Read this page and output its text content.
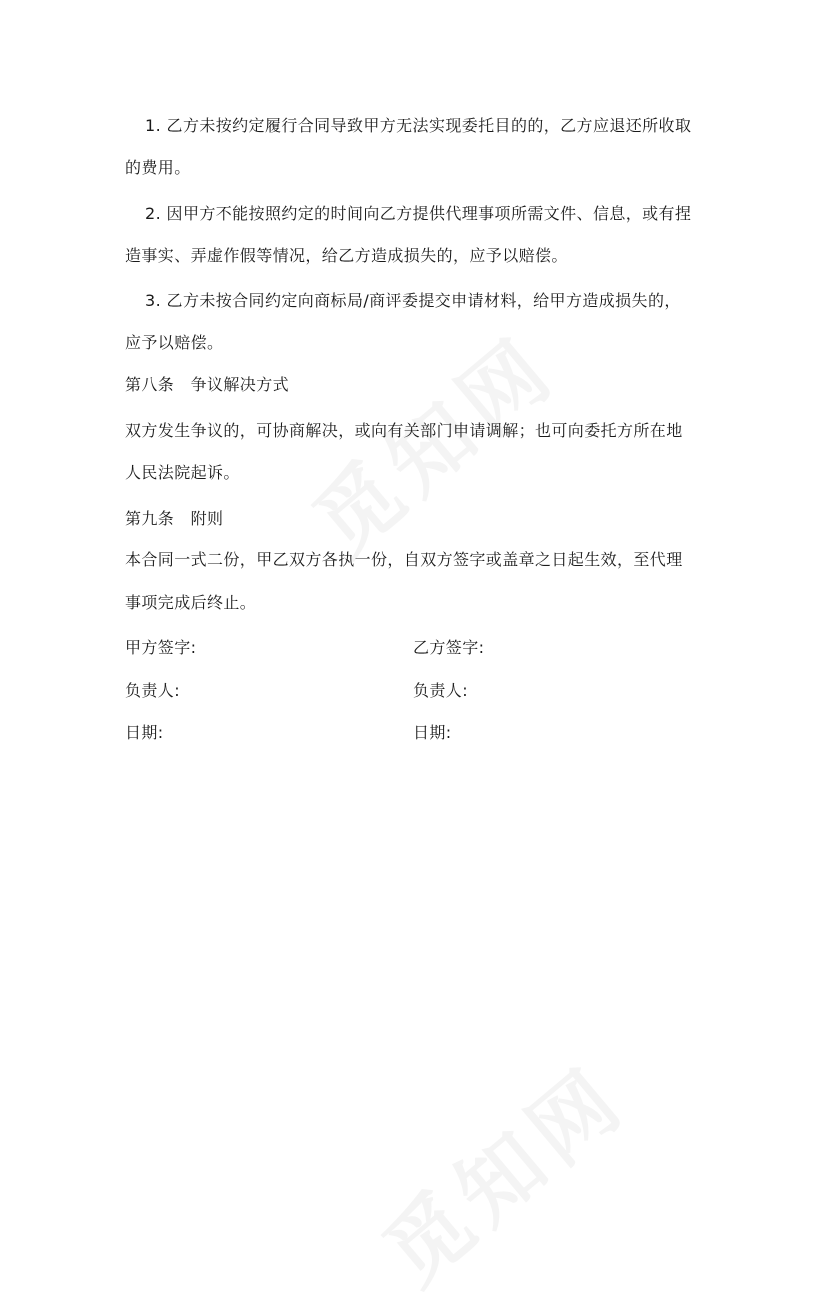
1. 乙方未按约定履行合同导致甲方无法实现委托目的的，乙方应退还所收取
的费用。
2. 因甲方不能按照约定的时间向乙方提供代理事项所需文件、信息，或有捏
造事实、弄虚作假等情况，给乙方造成损失的，应予以赔偿。
3. 乙方未按合同约定向商标局/商评委提交申请材料，给甲方造成损失的，
应予以赔偿。
第八条　争议解决方式
双方发生争议的，可协商解决，或向有关部门申请调解；也可向委托方所在地
人民法院起诉。
第九条　附则
本合同一式二份，甲乙双方各执一份，自双方签字或盖章之日起生效，至代理
事项完成后终止。
甲方签字:	乙方签字:
负责人:	负责人:
日期:	日期:
